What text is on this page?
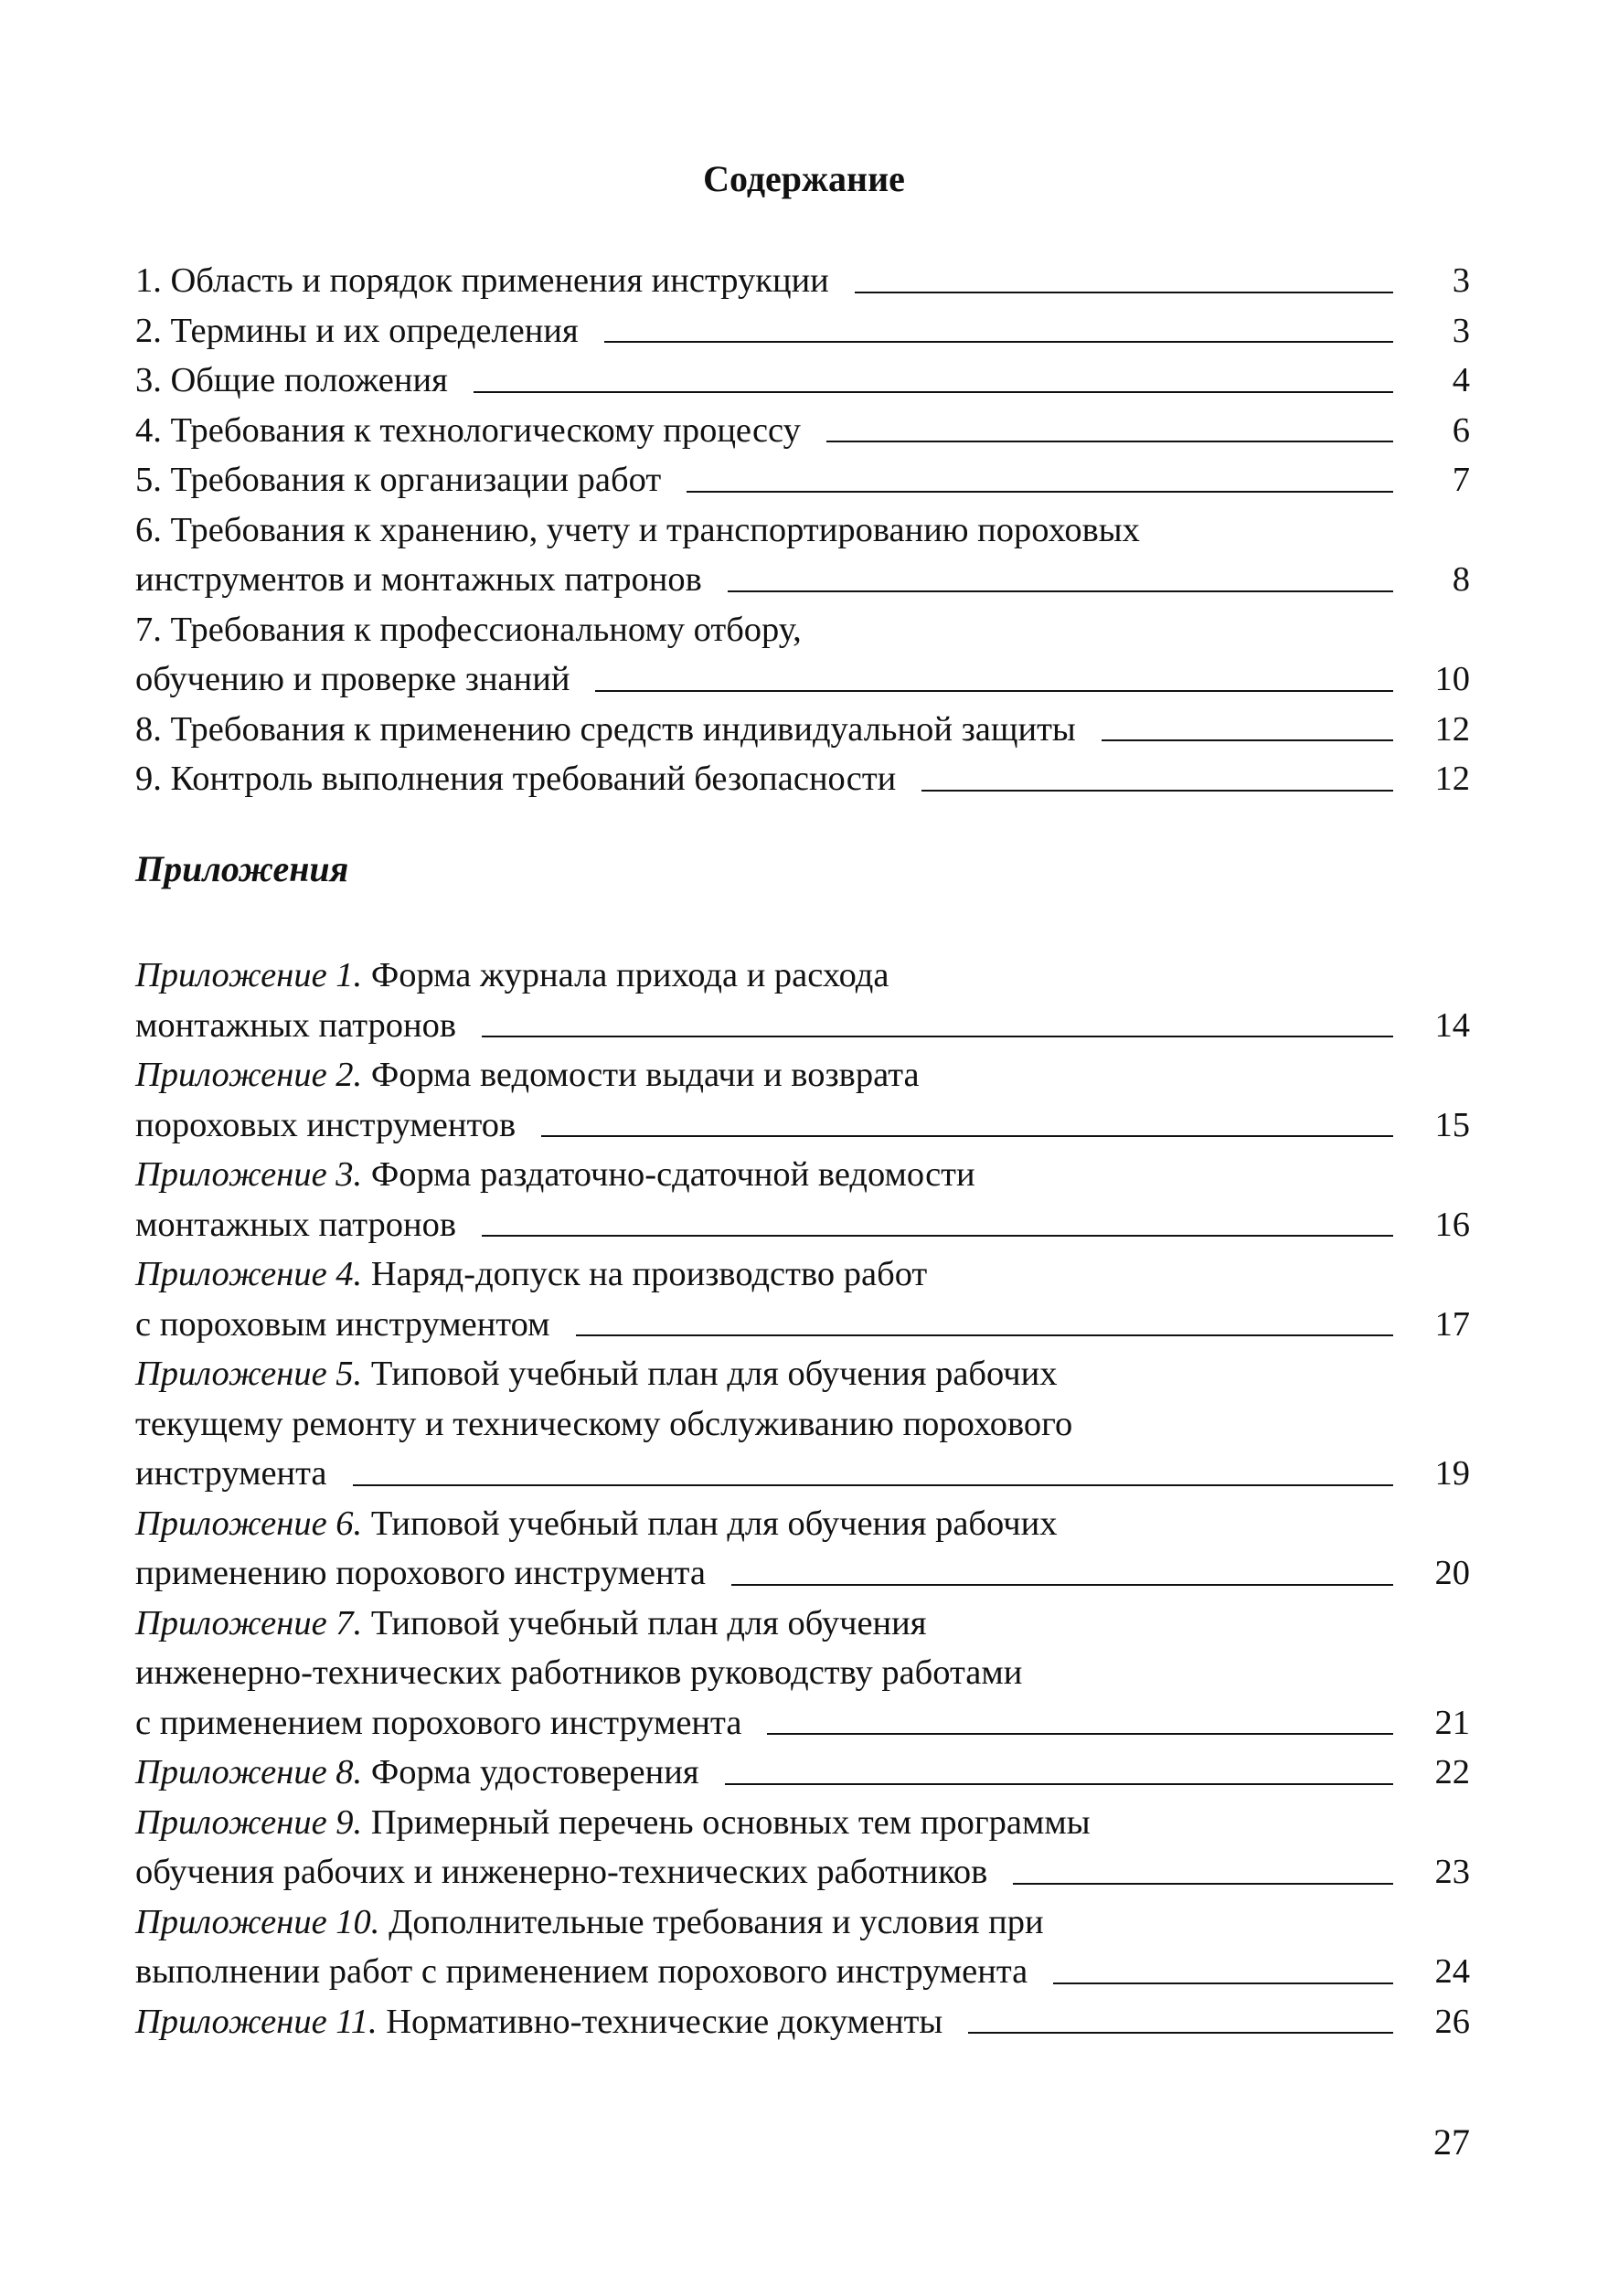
Содержание
1. Область и порядок применения инструкции	3
2. Термины и их определения	3
3. Общие положения	4
4. Требования к технологическому процессу	6
5. Требования к организации работ	7
6. Требования к хранению, учету и транспортированию пороховых
инструментов и монтажных патронов	8
7. Требования к профессиональному отбору,
обучению и проверке знаний	10
8. Требования к применению средств индивидуальной защиты	12
9. Контроль выполнения требований безопасности	12
Приложения
Приложение 1. Форма журнала прихода и расхода
монтажных патронов	14
Приложение 2. Форма ведомости выдачи и возврата
пороховых инструментов	15
Приложение 3. Форма раздаточно-сдаточной ведомости
монтажных патронов	16
Приложение 4. Наряд-допуск на производство работ
с пороховым инструментом	17
Приложение 5. Типовой учебный план для обучения рабочих
текущему ремонту и техническому обслуживанию порохового
инструмента	19
Приложение 6. Типовой учебный план для обучения рабочих
применению порохового инструмента	20
Приложение 7. Типовой учебный план для обучения
инженерно-технических работников руководству работами
с применением порохового инструмента	21
Приложение 8. Форма удостоверения	22
Приложение 9. Примерный перечень основных тем программы
обучения рабочих и инженерно-технических работников	23
Приложение 10. Дополнительные требования и условия при
выполнении работ с применением порохового инструмента	24
Приложение 11. Нормативно-технические документы	26
27
